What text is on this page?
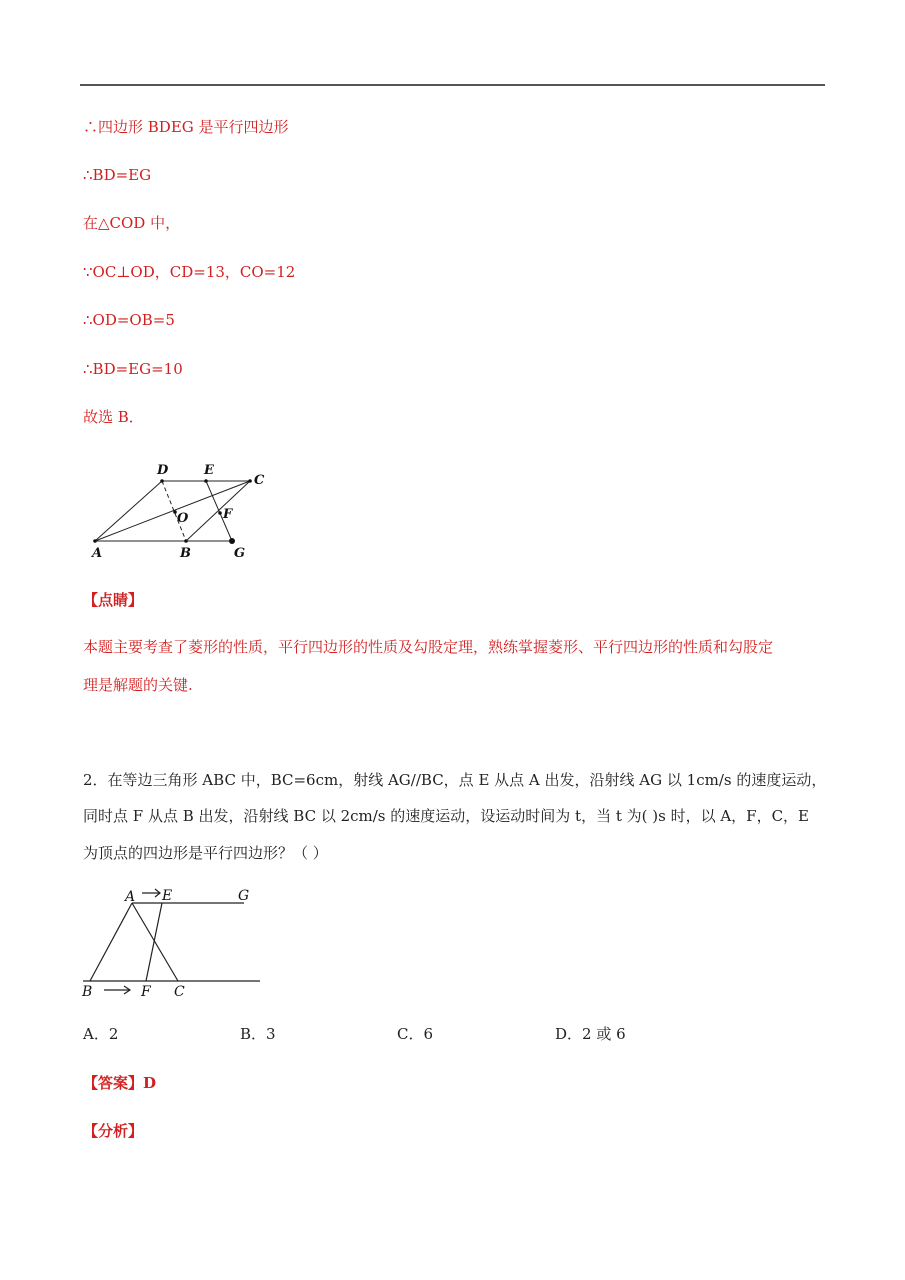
∴四边形 BDEG 是平行四边形
∴BD=EG
在△COD 中，
∵OC⊥OD，CD=13，CO=12
∴OD=OB=5
∴BD=EG=10
故选 B．
D	E
C
O	F
A	B	G
【点睛】
本题主要考查了菱形的性质，平行四边形的性质及勾股定理，熟练掌握菱形、平行四边形的性质和勾股定
理是解题的关键.
2．在等边三角形 ABC 中，BC=6cm，射线 AG//BC，点 E 从点 A 出发，沿射线 AG 以 1cm/s 的速度运动，
同时点 F 从点 B 出发，沿射线 BC 以 2cm/s 的速度运动，设运动时间为 t，当 t 为( )s 时，以 A，F，C，E
为顶点的四边形是平行四边形？（ ）
A E	G
B	F C
A．2	B．3	C．6	D．2 或 6
【答案】D
【分析】
